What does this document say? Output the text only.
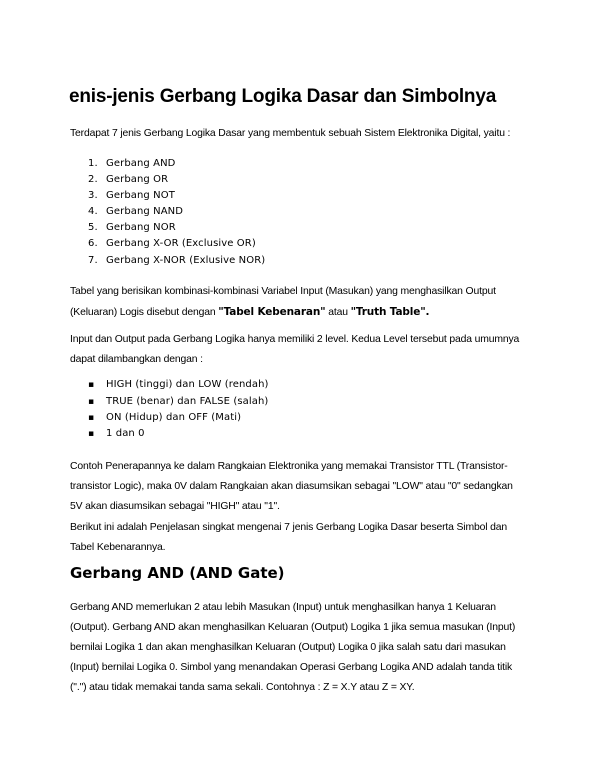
enis-jenis Gerbang Logika Dasar dan Simbolnya

Terdapat 7 jenis Gerbang Logika Dasar yang membentuk sebuah Sistem Elektronika Digital, yaitu :

1. Gerbang AND
2. Gerbang OR
3. Gerbang NOT
4. Gerbang NAND
5. Gerbang NOR
6. Gerbang X-OR (Exclusive OR)
7. Gerbang X-NOR (Exlusive NOR)
Tabel yang berisikan kombinasi-kombinasi Variabel Input (Masukan) yang menghasilkan Output
(Keluaran) Logis disebut dengan "Tabel Kebenaran" atau "Truth Table".
Input dan Output pada Gerbang Logika hanya memiliki 2 level. Kedua Level tersebut pada umumnya
dapat dilambangkan dengan :
▪ HIGH (tinggi) dan LOW (rendah)
▪ TRUE (benar) dan FALSE (salah)
▪ ON (Hidup) dan OFF (Mati)
▪ 1 dan 0
Contoh Penerapannya ke dalam Rangkaian Elektronika yang memakai Transistor TTL (Transistor-
transistor Logic), maka 0V dalam Rangkaian akan diasumsikan sebagai "LOW" atau "0" sedangkan
5V akan diasumsikan sebagai "HIGH" atau "1".
Berikut ini adalah Penjelasan singkat mengenai 7 jenis Gerbang Logika Dasar beserta Simbol dan
Tabel Kebenarannya.
Gerbang AND (AND Gate)
Gerbang AND memerlukan 2 atau lebih Masukan (Input) untuk menghasilkan hanya 1 Keluaran
(Output). Gerbang AND akan menghasilkan Keluaran (Output) Logika 1 jika semua masukan (Input)
bernilai Logika 1 dan akan menghasilkan Keluaran (Output) Logika 0 jika salah satu dari masukan
(Input) bernilai Logika 0. Simbol yang menandakan Operasi Gerbang Logika AND adalah tanda titik
(".") atau tidak memakai tanda sama sekali. Contohnya : Z = X.Y atau Z = XY.
